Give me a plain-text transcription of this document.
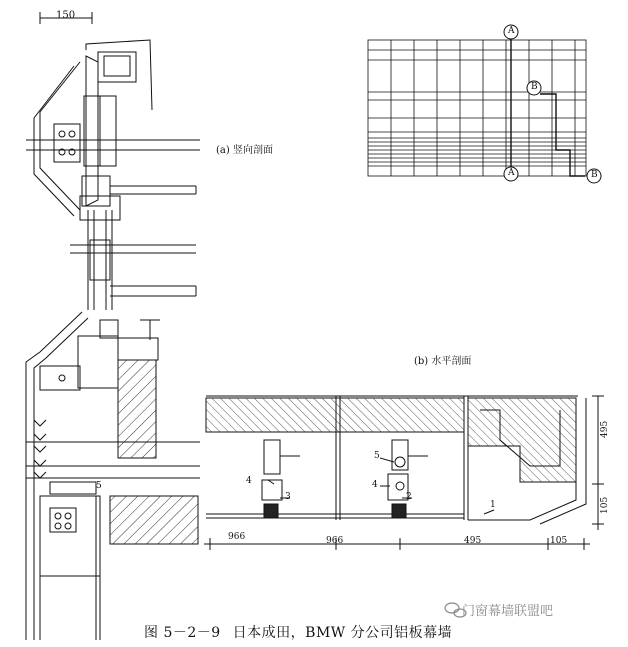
150
(a) 竖向剖面
(b) 水平剖面
A
A
B
B
5
5
4	4
3	2
1
966	966	495	105
495
105
门窗幕墙联盟吧
图 5－2－9 日本成田，BMW 分公司铝板幕墙
